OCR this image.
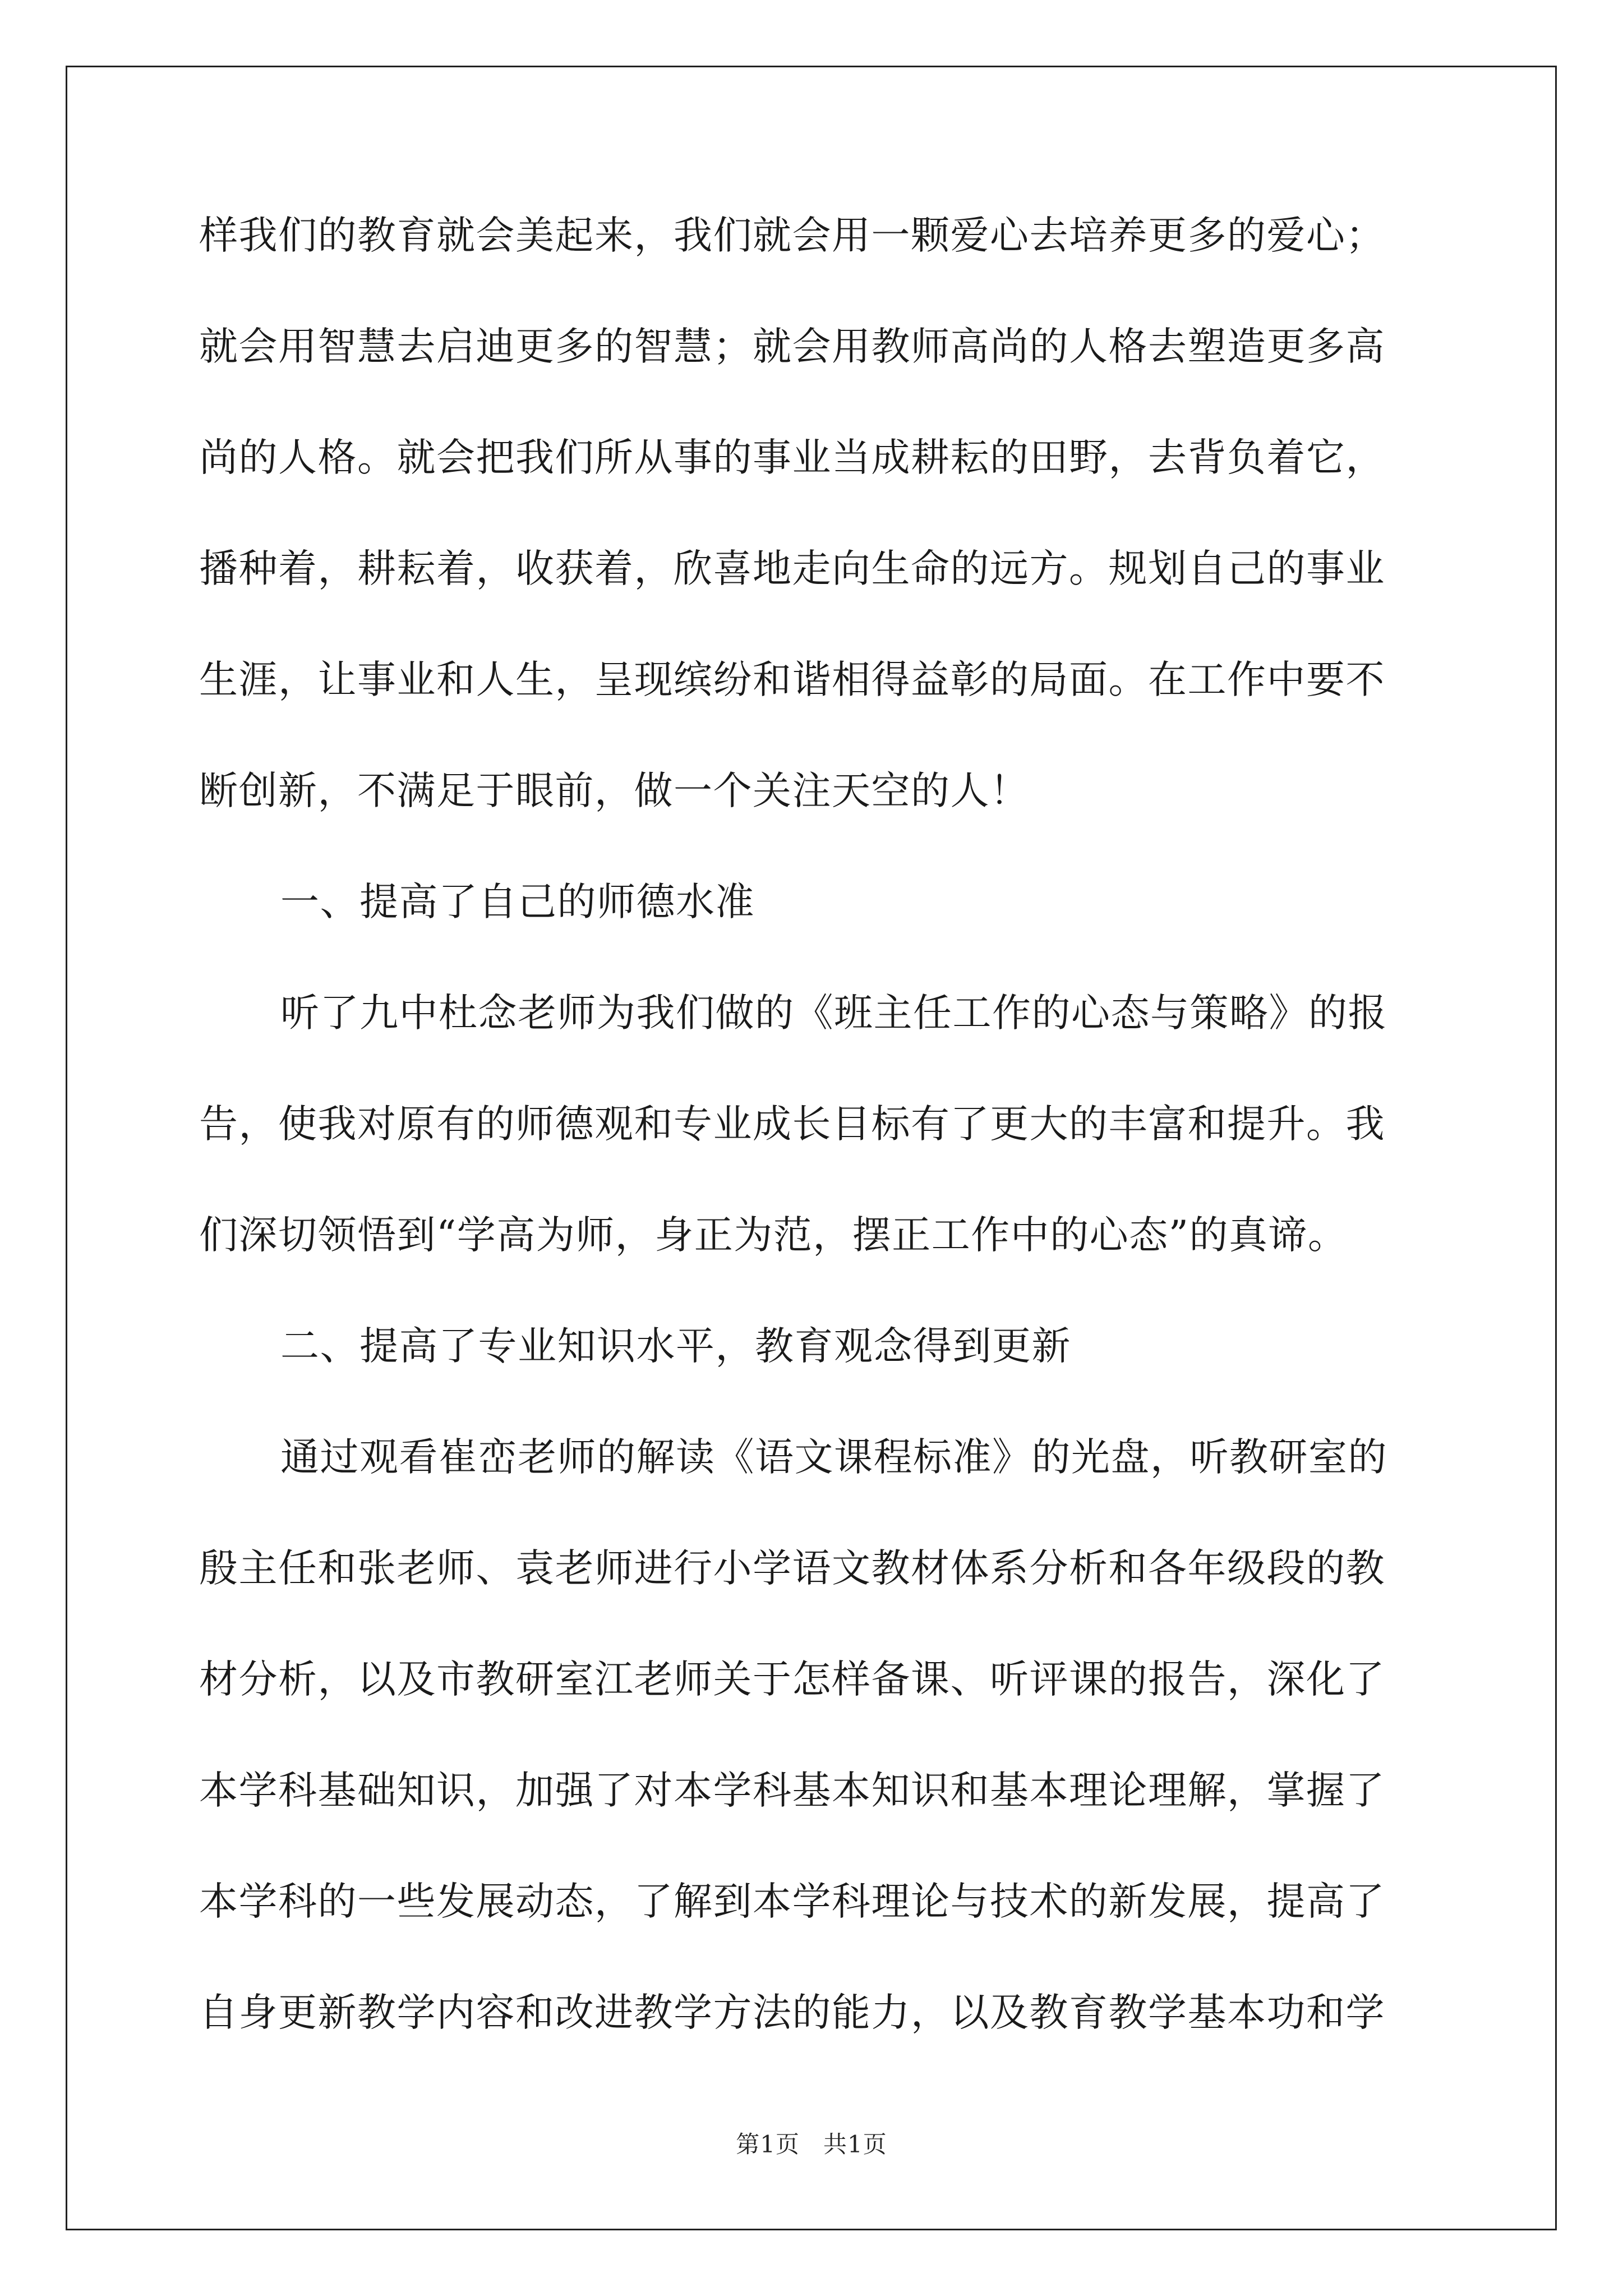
样我们的教育就会美起来，我们就会用一颗爱心去培养更多的爱心；

就会用智慧去启迪更多的智慧；就会用教师高尚的人格去塑造更多高

尚的人格。就会把我们所从事的事业当成耕耘的田野，去背负着它，

播种着，耕耘着，收获着，欣喜地走向生命的远方。规划自己的事业

生涯，让事业和人生，呈现缤纷和谐相得益彰的局面。在工作中要不

断创新，不满足于眼前，做一个关注天空的人！

一、提高了自己的师德水准

听了九中杜念老师为我们做的《班主任工作的心态与策略》的报

告，使我对原有的师德观和专业成长目标有了更大的丰富和提升。我

们深切领悟到“学高为师，身正为范，摆正工作中的心态”的真谛。

二、提高了专业知识水平，教育观念得到更新

通过观看崔峦老师的解读《语文课程标准》的光盘，听教研室的

殷主任和张老师、袁老师进行小学语文教材体系分析和各年级段的教

材分析，以及市教研室江老师关于怎样备课、听评课的报告，深化了

本学科基础知识，加强了对本学科基本知识和基本理论理解，掌握了

本学科的一些发展动态，了解到本学科理论与技术的新发展，提高了

自身更新教学内容和改进教学方法的能力，以及教育教学基本功和学

第1页 共1页
